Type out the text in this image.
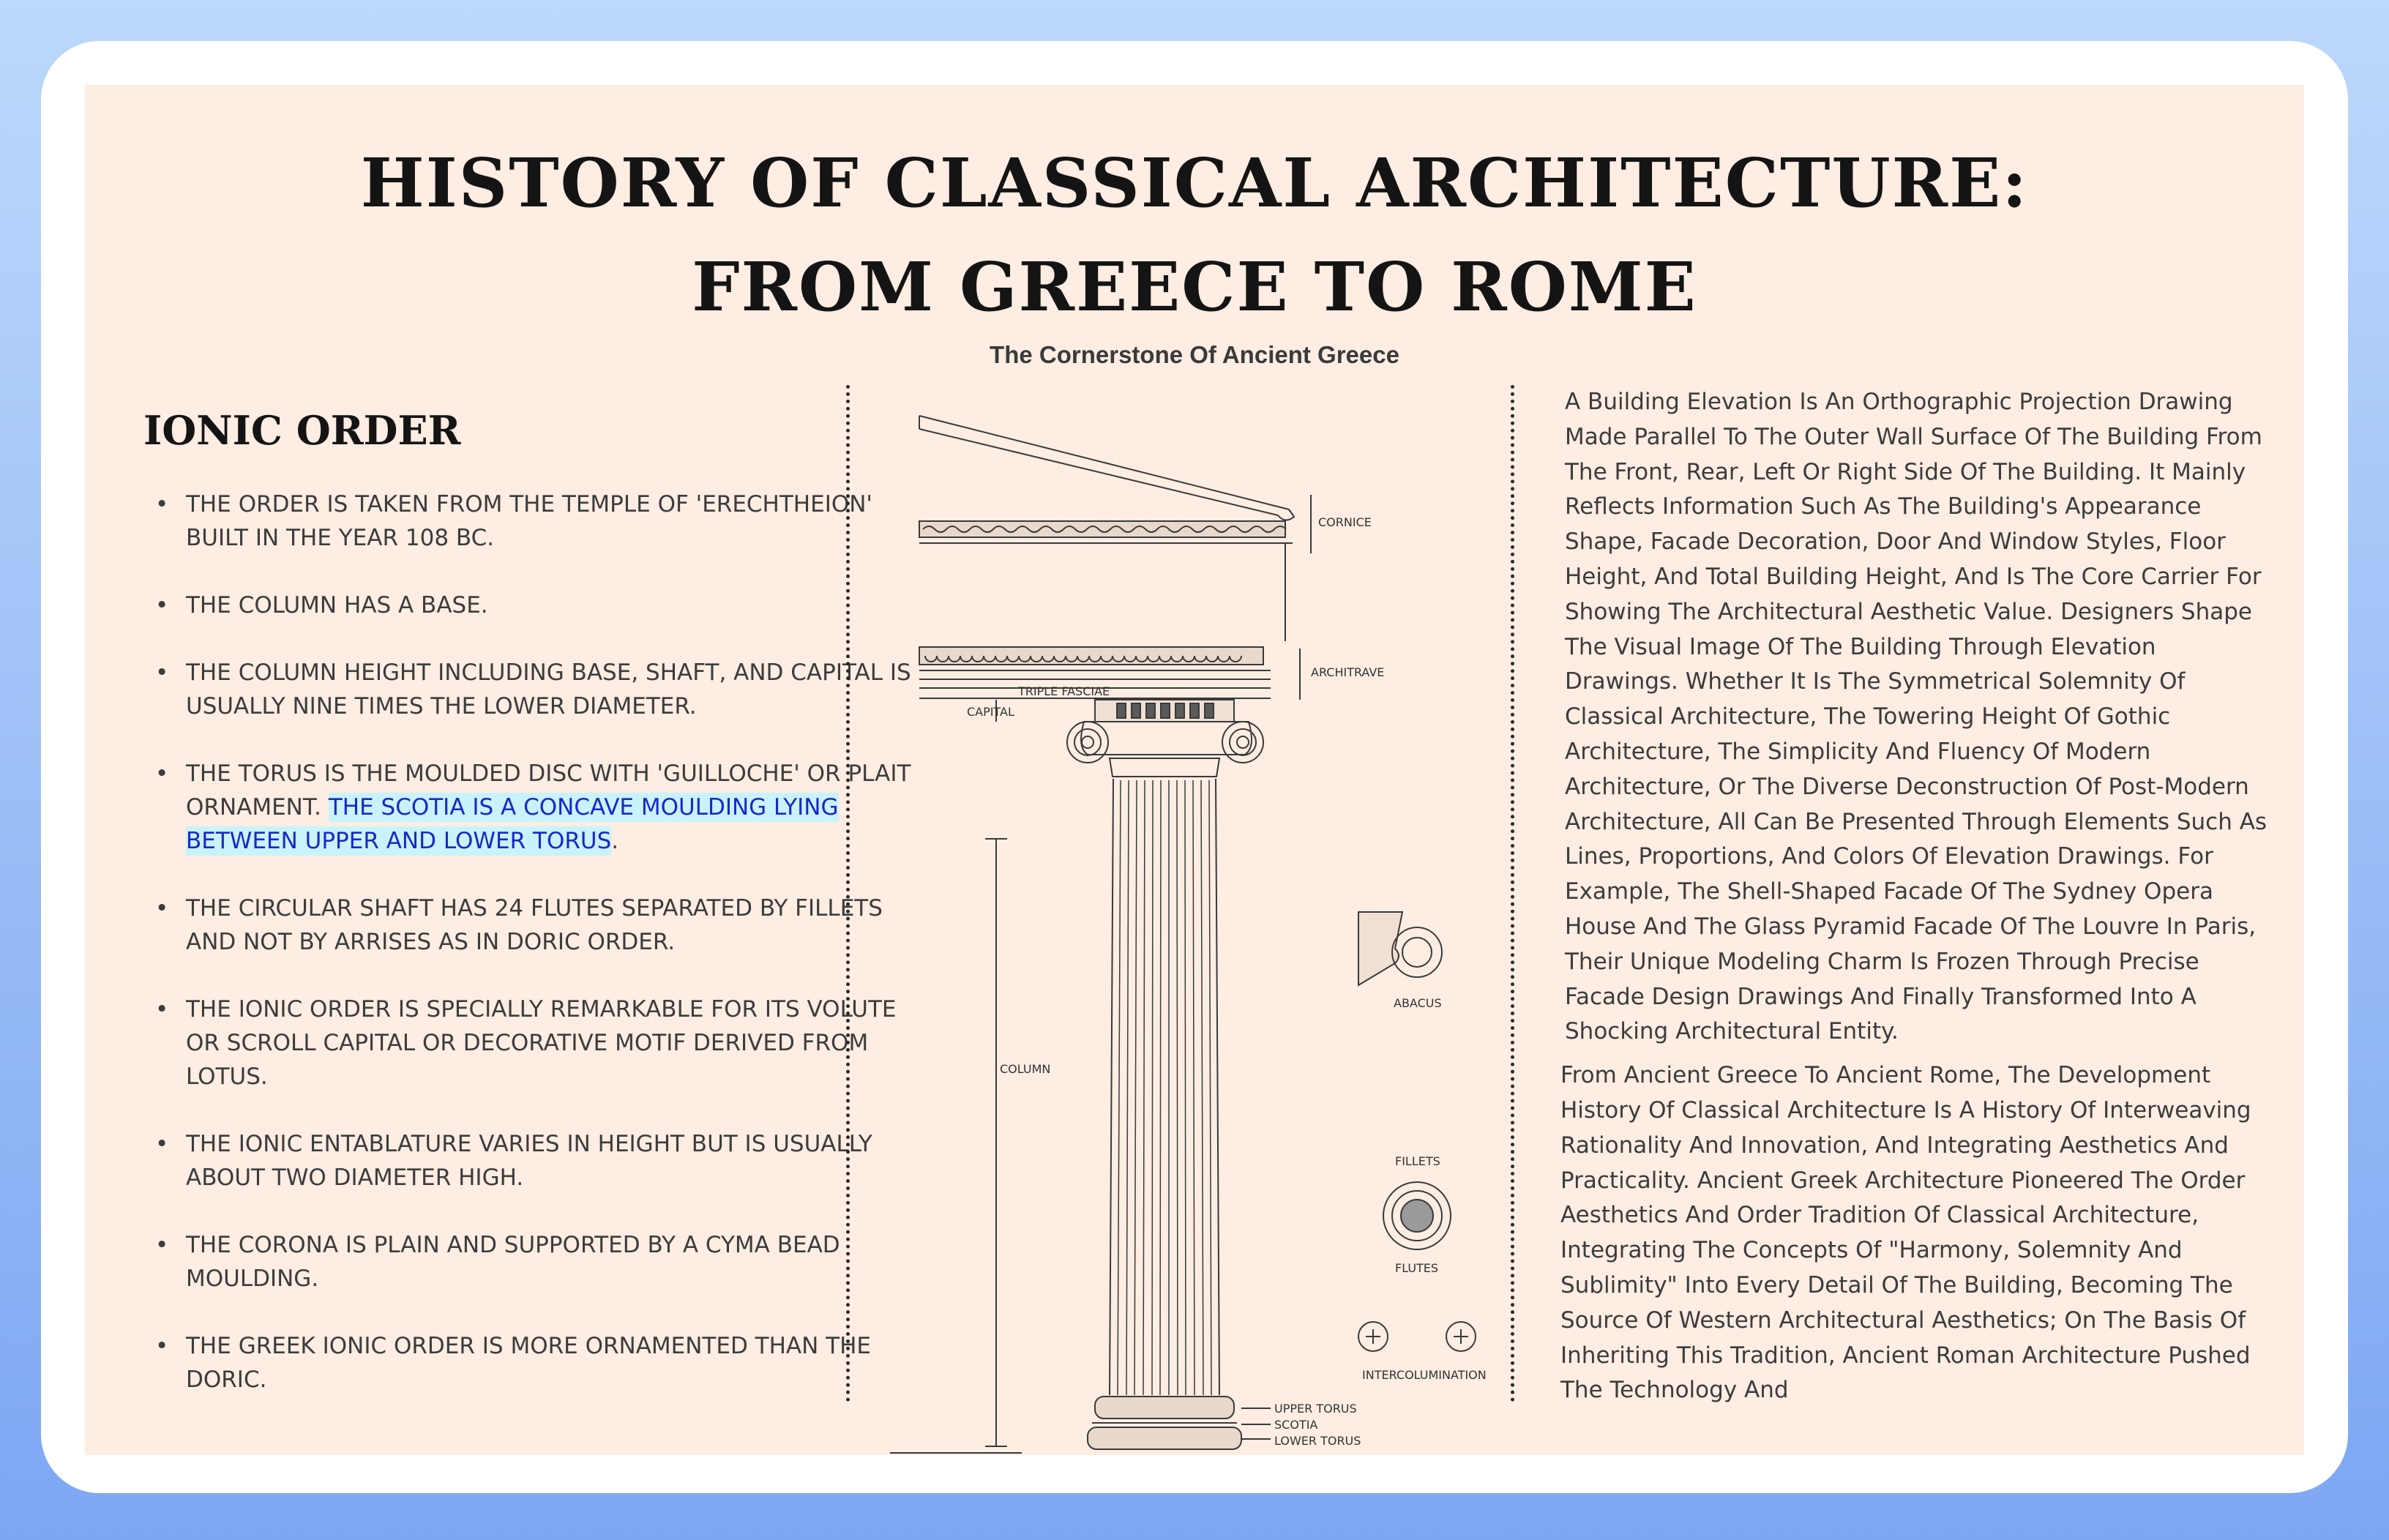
HISTORY OF CLASSICAL ARCHITECTURE:
FROM GREECE TO ROME
The Cornerstone Of Ancient Greece
IONIC ORDER
• THE ORDER IS TAKEN FROM THE TEMPLE OF 'ERECHTHEION' BUILT IN THE YEAR 108 BC.
• THE COLUMN HAS A BASE.
• THE COLUMN HEIGHT INCLUDING BASE, SHAFT, AND CAPITAL IS USUALLY NINE TIMES THE LOWER DIAMETER.
• THE TORUS IS THE MOULDED DISC WITH 'GUILLOCHE' OR PLAIT ORNAMENT. THE SCOTIA IS A CONCAVE MOULDING LYING BETWEEN UPPER AND LOWER TORUS.
• THE CIRCULAR SHAFT HAS 24 FLUTES SEPARATED BY FILLETS AND NOT BY ARRISES AS IN DORIC ORDER.
• THE IONIC ORDER IS SPECIALLY REMARKABLE FOR ITS VOLUTE OR SCROLL CAPITAL OR DECORATIVE MOTIF DERIVED FROM LOTUS.
• THE IONIC ENTABLATURE VARIES IN HEIGHT BUT IS USUALLY ABOUT TWO DIAMETER HIGH.
• THE CORONA IS PLAIN AND SUPPORTED BY A CYMA BEAD MOULDING.
• THE GREEK IONIC ORDER IS MORE ORNAMENTED THAN THE DORIC.
CORNICE
ARCHITRAVE
TRIPLE FASCIAE
CAPITAL
COLUMN
ABACUS
FILLETS
FLUTES
INTERCOLUMINATION
UPPER TORUS
SCOTIA
LOWER TORUS

A Building Elevation Is An Orthographic Projection Drawing Made Parallel To The Outer Wall Surface Of The Building From The Front, Rear, Left Or Right Side Of The Building. It Mainly Reflects Information Such As The Building's Appearance Shape, Facade Decoration, Door And Window Styles, Floor Height, And Total Building Height, And Is The Core Carrier For Showing The Architectural Aesthetic Value. Designers Shape The Visual Image Of The Building Through Elevation Drawings. Whether It Is The Symmetrical Solemnity Of Classical Architecture, The Towering Height Of Gothic Architecture, The Simplicity And Fluency Of Modern Architecture, Or The Diverse Deconstruction Of Post-Modern Architecture, All Can Be Presented Through Elements Such As Lines, Proportions, And Colors Of Elevation Drawings. For Example, The Shell-Shaped Facade Of The Sydney Opera House And The Glass Pyramid Facade Of The Louvre In Paris, Their Unique Modeling Charm Is Frozen Through Precise Facade Design Drawings And Finally Transformed Into A Shocking Architectural Entity.

From Ancient Greece To Ancient Rome, The Development History Of Classical Architecture Is A History Of Interweaving Rationality And Innovation, And Integrating Aesthetics And Practicality. Ancient Greek Architecture Pioneered The Order Aesthetics And Order Tradition Of Classical Architecture, Integrating The Concepts Of "Harmony, Solemnity And Sublimity" Into Every Detail Of The Building, Becoming The Source Of Western Architectural Aesthetics; On The Basis Of Inheriting This Tradition, Ancient Roman Architecture Pushed The Technology And
